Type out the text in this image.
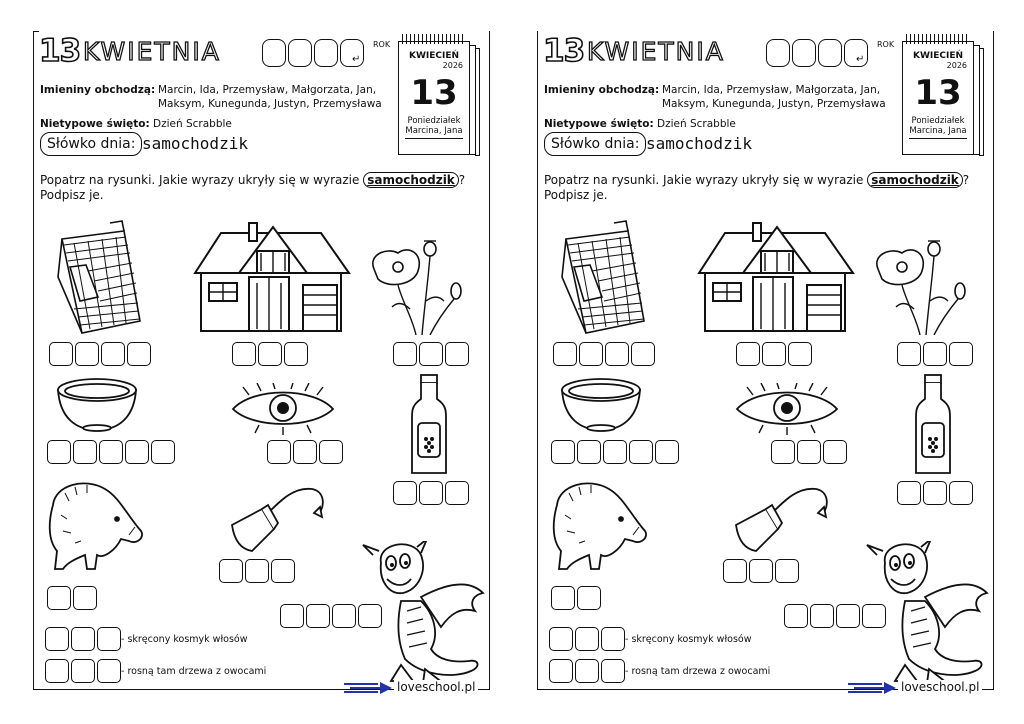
13 KWIETNIA	ROK
↵
Imieniny obchodzą: Marcin, Ida, Przemysław, Małgorzata, Jan, Maksym, Kunegunda, Justyn, Przemysława
Nietypowe święto: Dzień Scrabble
Słówko dnia: samochodzik
KWIECIEŃ
2026
13
Poniedziałek
Marcina, Jana
Popatrz na rysunki. Jakie wyrazy ukryły się w wyrazie samochodzik ? Podpisz je.
- skręcony kosmyk włosów
- rosną tam drzewa z owocami
loveschool.pl
13 KWIETNIA	ROK
↵
Imieniny obchodzą: Marcin, Ida, Przemysław, Małgorzata, Jan, Maksym, Kunegunda, Justyn, Przemysława
Nietypowe święto: Dzień Scrabble
Słówko dnia: samochodzik
KWIECIEŃ
2026
13
Poniedziałek
Marcina, Jana
Popatrz na rysunki. Jakie wyrazy ukryły się w wyrazie samochodzik ? Podpisz je.
- skręcony kosmyk włosów
- rosną tam drzewa z owocami
loveschool.pl
